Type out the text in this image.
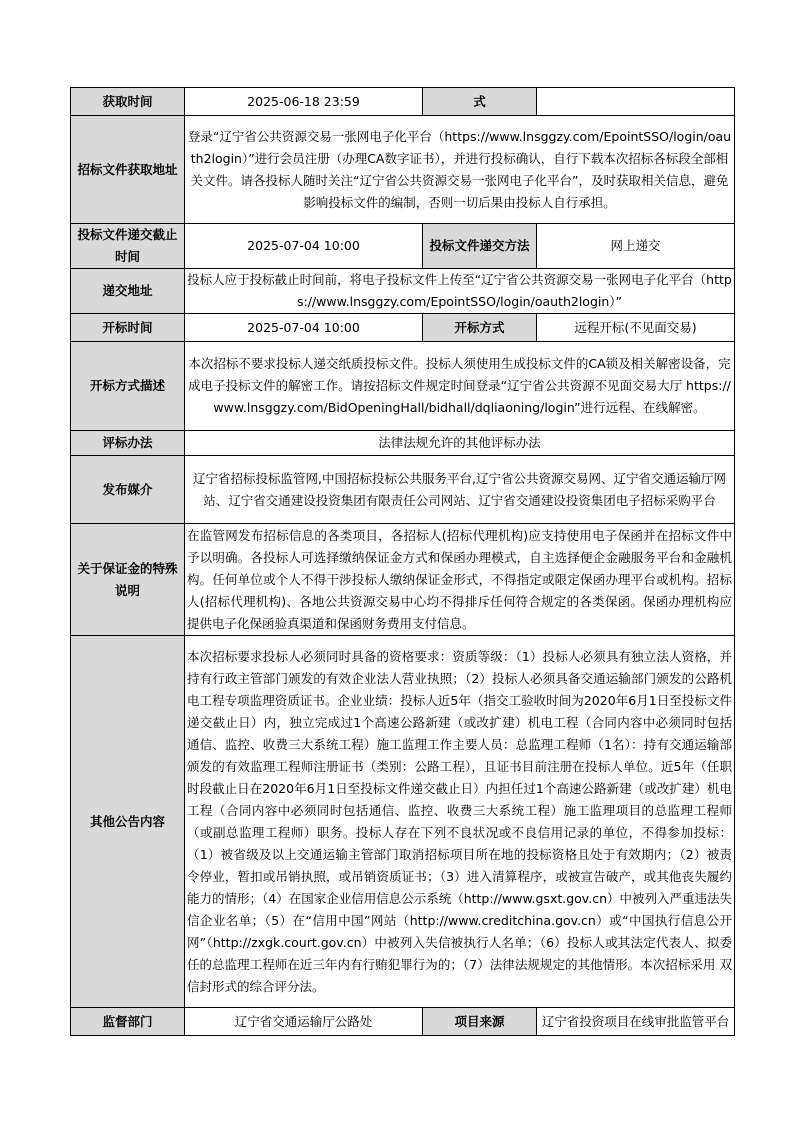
获取时间	2025-06-18 23:59	式	
招标文件获取地址	登录“辽宁省公共资源交易一张网电子化平台（https://www.lnsggzy.com/EpointSSO/login/oauth2login）”进行会员注册（办理CA数字证书），并进行投标确认，自行下载本次招标各标段全部相关文件。请各投标人随时关注“辽宁省公共资源交易一张网电子化平台”，及时获取相关信息，避免影响投标文件的编制，否则一切后果由投标人自行承担。		
投标文件递交截止时间	2025-07-04 10:00	投标文件递交方法	网上递交
递交地址	投标人应于投标截止时间前，将电子投标文件上传至“辽宁省公共资源交易一张网电子化平台（https://www.lnsggzy.com/EpointSSO/login/oauth2login）”		
开标时间	2025-07-04 10:00	开标方式	远程开标(不见面交易)
开标方式描述	本次招标不要求投标人递交纸质投标文件。投标人须使用生成投标文件的CA锁及相关解密设备，完成电子投标文件的解密工作。请按招标文件规定时间登录“辽宁省公共资源不见面交易大厅 https://www.lnsggzy.com/BidOpeningHall/bidhall/dqliaoning/login”进行远程、在线解密。		
评标办法	法律法规允许的其他评标办法		
发布媒介	辽宁省招标投标监管网,中国招标投标公共服务平台,辽宁省公共资源交易网、辽宁省交通运输厅网站、辽宁省交通建设投资集团有限责任公司网站、辽宁省交通建设投资集团电子招标采购平台		
关于保证金的特殊说明	在监管网发布招标信息的各类项目，各招标人(招标代理机构)应支持使用电子保函并在招标文件中予以明确。各投标人可选择缴纳保证金方式和保函办理模式，自主选择便企金融服务平台和金融机构。任何单位或个人不得干涉投标人缴纳保证金形式，不得指定或限定保函办理平台或机构。招标人(招标代理机构)、各地公共资源交易中心均不得排斥任何符合规定的各类保函。保函办理机构应提供电子化保函验真渠道和保函财务费用支付信息。		
其他公告内容	本次招标要求投标人必须同时具备的资格要求：资质等级：（1）投标人必须具有独立法人资格，并持有行政主管部门颁发的有效企业法人营业执照；（2）投标人必须具备交通运输部门颁发的公路机电工程专项监理资质证书。企业业绩：投标人近5年（指交工验收时间为2020年6月1日至投标文件递交截止日）内，独立完成过1个高速公路新建（或改扩建）机电工程（合同内容中必须同时包括通信、监控、收费三大系统工程）施工监理工作主要人员：总监理工程师（1名）：持有交通运输部颁发的有效监理工程师注册证书（类别：公路工程），且证书目前注册在投标人单位。近5年（任职时段截止日在2020年6月1日至投标文件递交截止日）内担任过1个高速公路新建（或改扩建）机电工程（合同内容中必须同时包括通信、监控、收费三大系统工程）施工监理项目的总监理工程师（或副总监理工程师）职务。投标人存在下列不良状况或不良信用记录的单位，不得参加投标：（1）被省级及以上交通运输主管部门取消招标项目所在地的投标资格且处于有效期内；（2）被责令停业，暂扣或吊销执照，或吊销资质证书；（3）进入清算程序，或被宣告破产，或其他丧失履约能力的情形；（4）在国家企业信用信息公示系统（http://www.gsxt.gov.cn）中被列入严重违法失信企业名单；（5）在“信用中国”网站（http://www.creditchina.gov.cn）或“中国执行信息公开网”（http://zxgk.court.gov.cn）中被列入失信被执行人名单；（6）投标人或其法定代表人、拟委任的总监理工程师在近三年内有行贿犯罪行为的；（7）法律法规规定的其他情形。本次招标采用 双信封形式的综合评分法。		
监督部门	辽宁省交通运输厅公路处	项目来源	辽宁省投资项目在线审批监管平台
